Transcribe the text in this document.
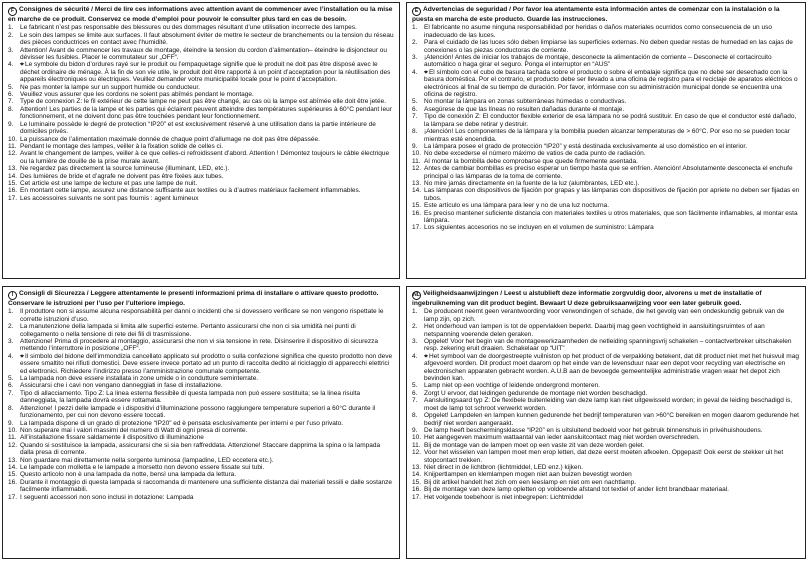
F Consignes de sécurité / Merci de lire ces informations avec attention avant de commencer avec l’installation ou la mise en marche de ce produit. Conservez ce mode d’emploi pour pouvoir le consulter plus tard en cas de besoin.
1.	Le fabricant n’est pas responsable des blessures ou des dommages résultant d’une utilisation incorrecte des lampes.
2.	Le soin des lampes se limite aux surfaces. Il faut absolument éviter de mettre le secteur de branchements ou la tension du réseau des pièces conductrices en contact avec l’humidité.
3.	Attention! Avant de commencer les travaux de montage, éteindre la tension du cordon d’alimentation– éteindre le disjoncteur ou dévisser les fusibles. Placer le commutateur sur „OFF“.
4. ⌖Le symbole du bidon d’ordures rayé sur le produit ou l’empaquetage signifie que le produit ne doit pas être disposé avec le déchet ordinaire de ménage. À la fin de son vie utile, le produit doit être rapporté à un point d’acceptation pour la réutilisation des appareils électroniques ou électriques. Veuillez demander votre municipalité locale pour le point d’acceptation.
5.	Ne pas monter la lampe sur un support humide ou conducteur.
6.	Veuillez vous assurer que les cordons ne soient pas abîmés pendant le montage.
7.	Type de connexion Z: le fil extérieur de cette lampe ne peut pas être changé, au cas où la lampe est abîmée elle doit être jetée.
8.	Attention! Les parties de la lampe et les parties qui éclairent peuvent atteindre des températures supérieures à 60°C pendant leur fonctionnement, et ne doivent donc pas être touchées pendant leur fonctionnement.
9.	Le luminaire possède le degré de protection “IP20” et est exclusivement réservé à une utilisation dans la partie intérieure de domiciles privés.
10. La puissance de l’alimentation maximale donnée de chaque point d’allumage ne doit pas être dépassée.
11. Pendant le montage des lampes, veiller à la fixation solide de celles ci.
12. Avant le changement de lampes, veiller à ce que celles-ci refroidissent d’abord. Attention ! Démontez toujours le câble électrique ou la lumière de douille de la prise murale avant.
13. Ne regardez pas directement la source lumineuse (illuminant, LED, etc.).
14. Des lumières de bride et d’agrafe ne doivent pas être fixées aux tubes.
15. Cet article est une lampe de lecture et pas une lampe de nuit.
16. En montant cette lampe, assurez une distance suffisante aux textiles ou à d’autres matériaux facilement inflammables.
17. Les accessoires suivants ne sont pas fournis : agent lumineux
E Advertencias de seguridad / Por favor lea atentamente esta información antes de comenzar con la instalación o la puesta en marcha de este producto. Guarde las instrucciones.
1.	El fabricante no asume ninguna responsabilidad por heridas o daños materiales ocurridos como consecuencia de un uso inadecuado de las luces.
2.	Para el cuidado de las luces sólo deben limpiarse las superficies externas. No deben quedar restas de humedad en las cajas de conexiones o las piezas conductoras de corriente.
3.	¡Atención! Antes de iniciar los trabajos de montaje, desconecte la alimentación de corriente – Desconecte el cortacircuito automático o haga girar el seguro. Ponga el interruptor en “AUS”
4. ⌖El símbolo con el cubo de basura tachada sobre el producto o sobre el embalaje significa que no debe ser desechado con la basura doméstica. Por el contrario, el producto debe ser llevado a una oficina de registro para el reciclaje de aparatos eléctricos o electrónicos al final de su tiempo de duración. Por favor, infórmase con su administración municipal donde se encuentra una oficina de registro.
5.	No montar la lámpara en zonas subterráneas húmedas o conductivas.
6.	Asegúrese de que las líneas no resulten dañadas durante el montaje.
7.	Tipo de conexión Z: El conductor flexible exterior de esa lámpara no se podrá sustituir. En caso de que el conductor esté dañado, la lámpara se debe retirar y destruir.
8.	¡Atención! Los componentes de la lámpara y la bombilla pueden alcanzar temperaturas de > 60°C. Por eso no se pueden tocar mientras esté encendida.
9.	La lámpara posee el grado de protección “IP20” y está destinada exclusivamente al uso doméstico en el interior.
10. No debe excederse el número máximo de vatios de cada punto de radiación.
11. Al montar la bombilla debe comprobarse que quede firmemente asentada.
12. Antes de cambiar bombillas es preciso esperar un tiempo hasta que se enfríen. Atención! Absolutamente desconecta el enchufe principal o las lámparas de la toma de corriente.
13. No mire jamás directamente en la fuente de la luz (alumbrantes, LED etc.).
14. Las lámparas con dispositivos de fijación por grapas y las lámparas con dispositivos de fijación por apriete no deben ser fijadas en tubos.
15. Este artículo es una lámpara para leer y no de una luz nocturna.
16. Es preciso mantener suficiente distancia con materiales textiles u otros materiales, que son fácilmente inflamables, al montar esta lámpara.
17. Los siguientes accesorios no se incluyen en el volumen de suministro: Lámpara
I Consigli di Sicurezza / Leggere attentamente le presenti informazioni prima di installare o attivare questo prodotto. Conservare le istruzioni per l’uso per l’ulteriore impiego.
1.	Il produttore non si assume alcuna responsabilità per danni o incidenti che si dovessero verificare se non vengono rispettate le corrette istruzioni d’uso.
2.	La manutenzione della lampada si limita alle superfici esterne. Pertanto assicurarsi che non ci sia umidità nei punti di collegamento o nella tensione di rete dei fili di trasmissione.
3.	Attenzione! Prima di procedere al montaggio, assicurarsi che non vi sia tensione in rete. Disinserire il dispositivo di sicurezza mettendo l’interruttore in posizione „OFF“.
4. ⌖Il simbolo del bidone dell’immondizia cancellato applicato sul prodotto o sulla confezione significa che questo prodotto non deve essere smaltito nei rifiuti domestici. Deve essere invece portato ad un punto di raccolta dedito al riciclaggio di apparecchi elettrici ed elettronici. Richiedere l’indirizzo presso l’amministrazione comunale competente.
5.	La lampada non deve essere installata in zone umide o in condutture seminterrate.
6.	Assicurarsi che i cavi non vengano danneggiati in fase di installazione.
7.	Tipo di allacciamento. Tipo Z: La linea esterna flessibile di questa lampada non può essere sostituita; se la linea risulta danneggiata, la lampada dovrà essere rottamata.
8.	Attenzione! I pezzi delle lampade e i dispositivi d’illuminazione possono raggiungere temperature superiori a 60°C durante il funzionamento, per cui non devono essere toccati.
9.	La lampada dispone di un grado di protezione “IP20” ed è pensata esclusivamente per interni e per l’uso privato.
10. Non superare mai i valori massimi del numero di Watt di ogni presa di corrente.
11. All’installazione fissare saldamente il dispositivo di illuminazione
12. Quando si sostituisce la lampada, assicurarsi che si sia ben raffreddata. Attenzione! Staccare dapprima la spina o la lampada dalla presa di corrente.
13. Non guardare mai direttamente nella sorgente luminosa (lampadine, LED eccetera etc.).
14. Le lampade con molletta e le lampade a morsetto non devono essere fissate sui tubi.
15. Questo articolo non è una lampada da notte, bensì una lampada da lettura.
16. Durante il montaggio di questa lampada si raccomanda di mantenere una sufficiente distanza dai materiali tessili e dalle sostanze facilmente infiammabili.
17. I seguenti accessori non sono inclusi in dotazione: Lampada
NL Veiligheidsaanwijzingen / Leest u alstublieft deze informatie zorgvuldig door, alvorens u met de installatie of ingebruikneming van dit product begint. Bewaart U deze gebruiksaanwijzing voor een later gebruik goed.
1.	De producent neemt geen verantwoording voor verwondingen of schade, die het gevolg van een ondeskundig gebruik van de lamp zijn, op zich.
2.	Het onderhoud van lampen is tot de oppervlakken beperkt. Daarbij mag geen vochtigheid in aansluitingsruimtes of aan netspanning voerende delen geraken.
3.	Opgelet! Voor het begin van de montagewerkzaamheden de netleiding spanningsvrij schakelen – contactverbreker uitschakelen resp. zekering eruit draaien. Schakelaar op “UIT”
4. ⌖Het symbool van de doorgestreepte vuilniston op het product of de verpakking betekent, dat dit product niet met het huisvuil mag afgevoerd worden. Dit product moet daarom op het einde van de levensduur naar een depot voor recycling van electrische en electronischen apparaten gebracht worden. A.U.B aan de bevoegde gemeentelijke administratie vragen waar het depot zich bevinden kan.
5.	Lamp niet op een vochtige of leidende ondergrond monteren.
6.	Zorgt U ervoor, dat leidingen gedurende de montage niet worden beschadigd.
7.	Aansluitingsaard typ Z: De flexibele buitenleiding van deze lamp kan niet uitgewisseld worden; in geval de leiding beschadigd is, moet de lamp tot schroot verwerkt worden.
8.	Opgelet! Lampdelen en lampen kunnen gedurende het bedrijf temperaturen van >60°C bereiken en mogen daarom gedurende het bedrijf niet worden aangeraakt.
9.	De lamp heeft beschermingsklasse “IP20” en is uitsluitend bedoeld voor het gebruik binnenshuis in privéhuishoudens.
10. Het aangegeven maximum wattaantal van ieder aansluitcontact mag niet worden overschreden.
11. Bij de montage van de lampen moet op een vaste zit van deze worden gelet.
12. Voor het wisselen van lampen moet men erop letten, dat deze eerst moeten afkoelen. Opgepast! Ook eerst de stekker uit het stopcontact trekken.
13. Niet direct in de lichtbron (lichtmiddel, LED enz.) kijken.
14. Knijpertlampen en klemlampen mogen niet aan buizen bevestigt worden
15. Bij dit artikel handelt het zich om een leeslamp en niet om een nachtlamp.
16. Bij de montage van deze lamp opletten op voldoende afstand tot textiel of ander licht brandbaar materiaal.
17. Het volgende toebehoor is niet inbegrepen: Lichtmiddel
